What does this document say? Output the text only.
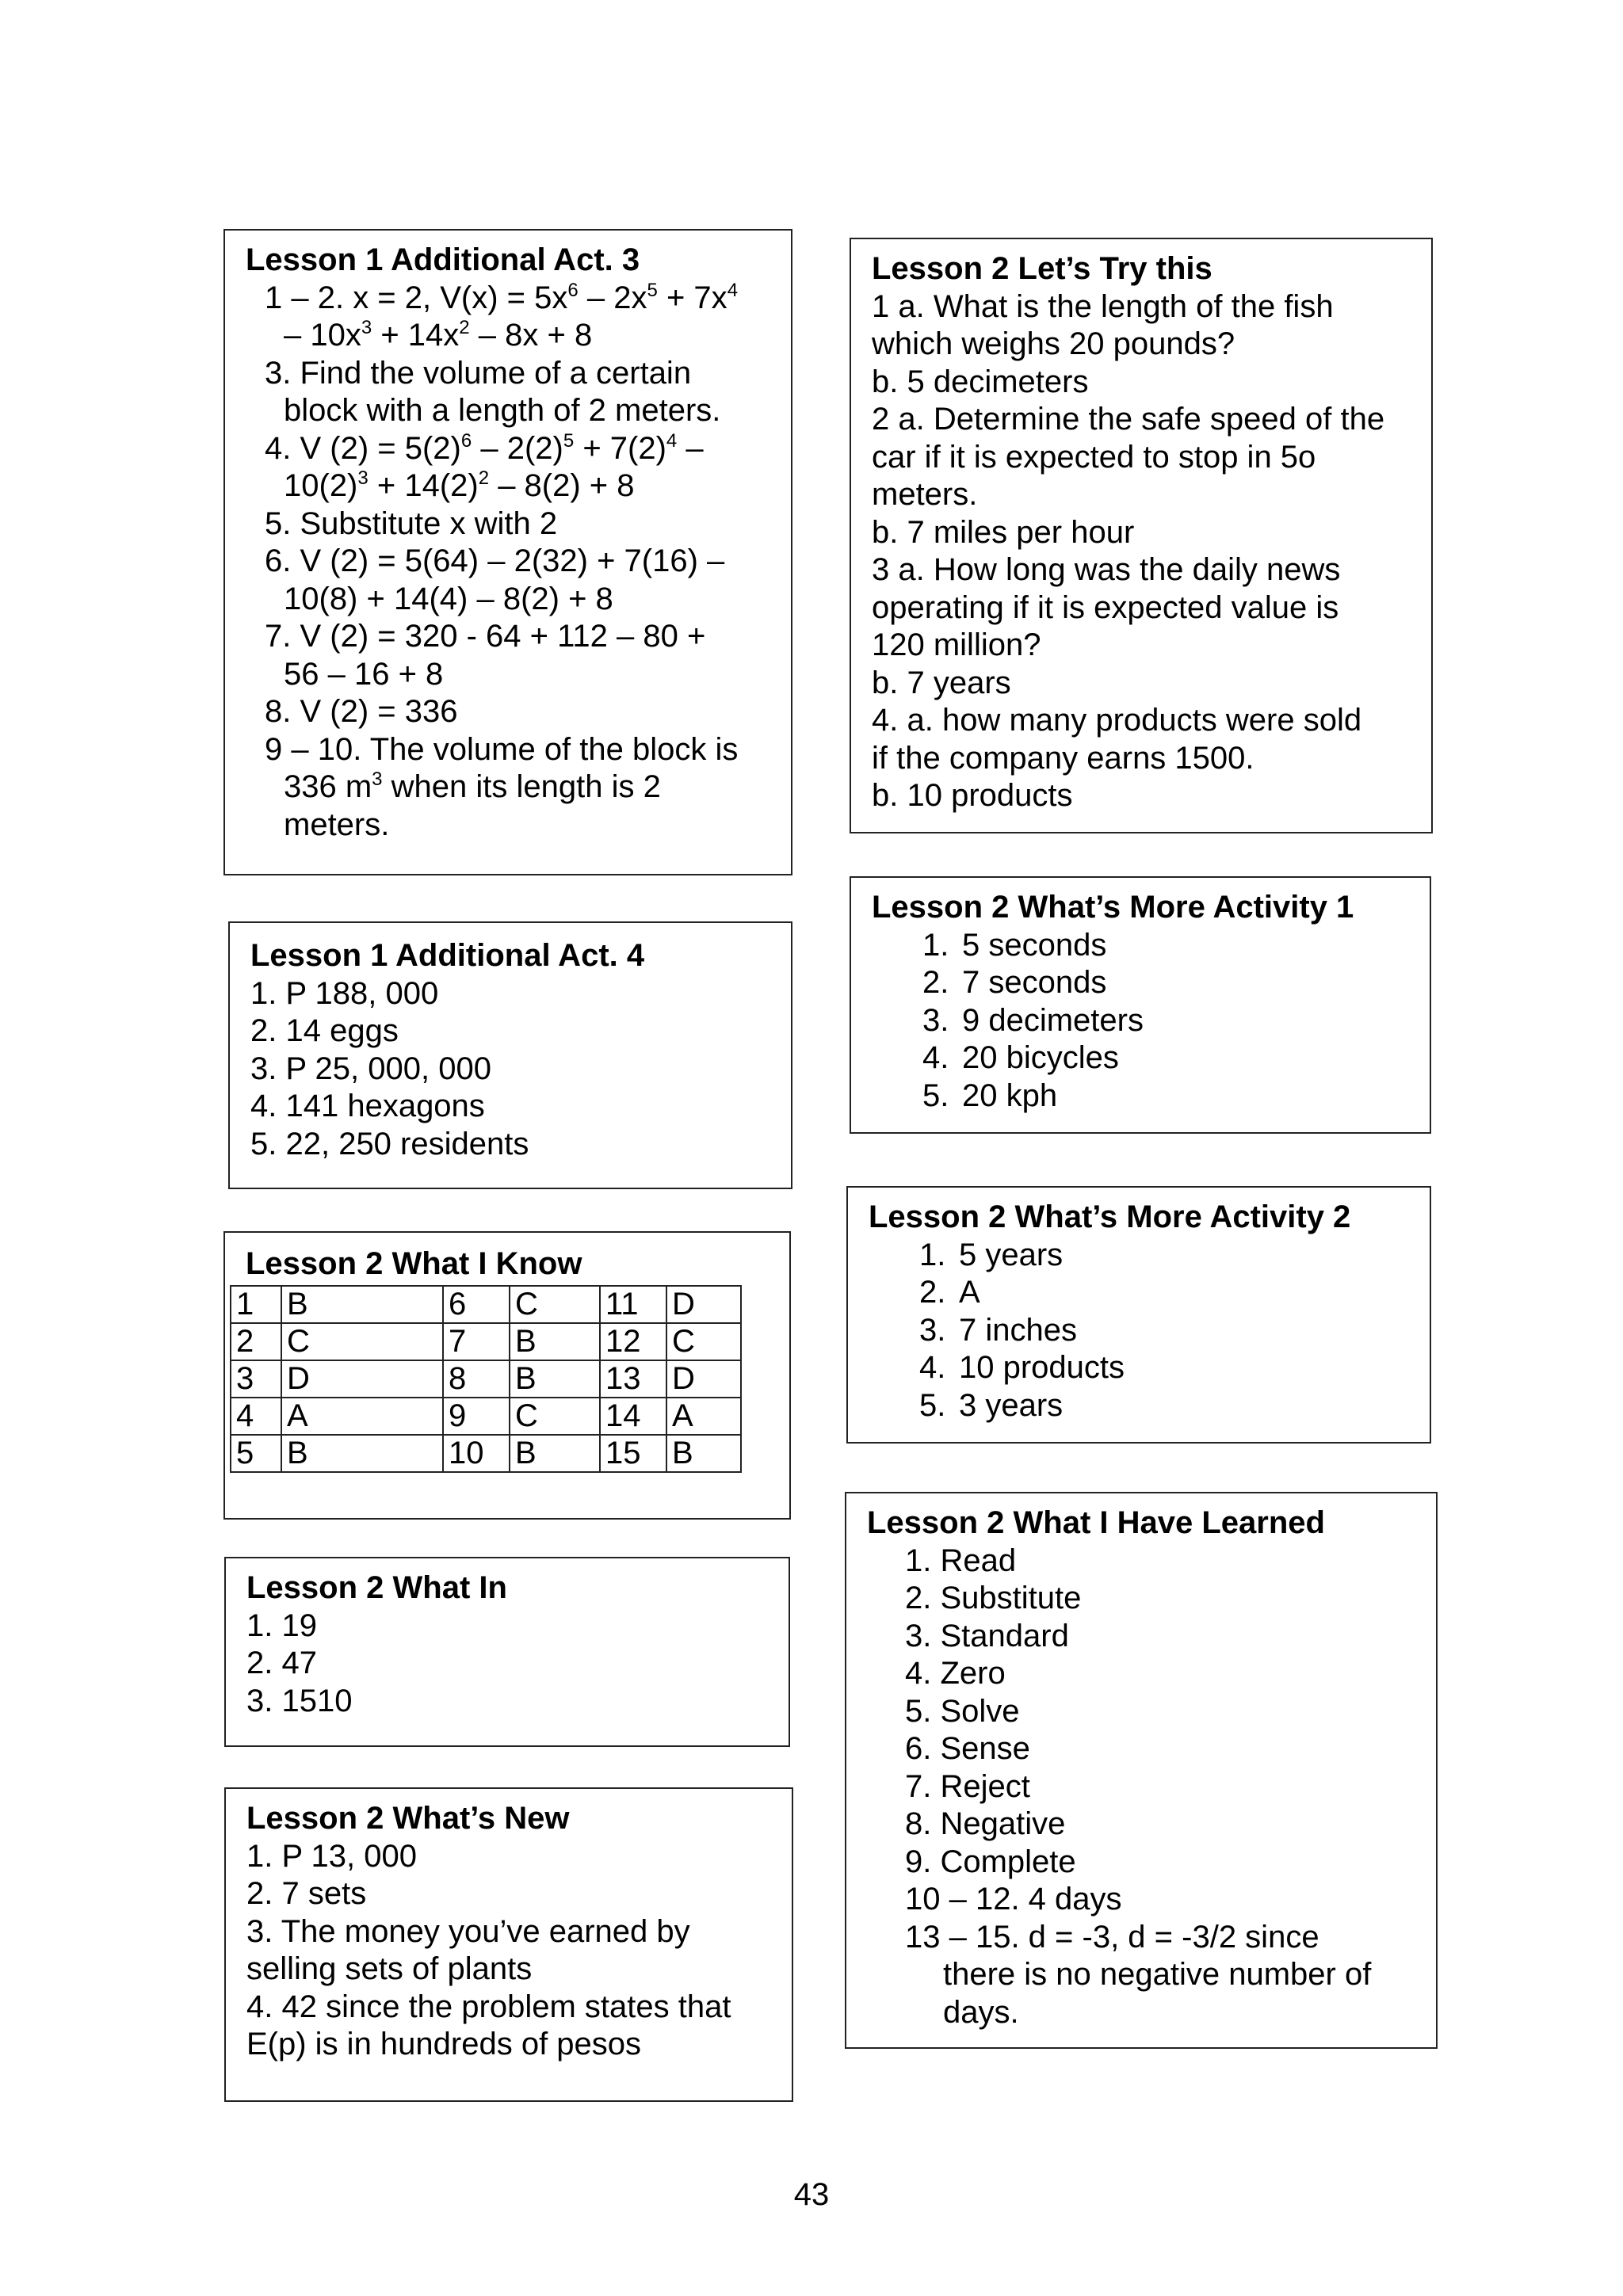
Lesson 1 Additional Act. 3
1 – 2. x = 2, $V(x) = 5x^6 - 2x^5 + 7x^4$
– $10x^3 + 14x^2 - 8x + 8$
3. Find the volume of a certain
block with a length of 2 meters.
4. V $(2) = 5(2)^6 - 2(2)^5 + 7(2)^4$ –
$10(2)^3 + 14(2)^2 - 8(2) + 8$
5. Substitute x with 2
6. V (2) = 5(64) – 2(32) + 7(16) –
10(8) + 14(4) – 8(2) + 8
7. V (2) = 320 - 64 + 112 – 80 +
56 – 16 + 8
8. V (2) = 336
9 – 10. The volume of the block is
336 $m^3$ when its length is 2
meters.
Lesson 1 Additional Act. 4
1. P 188, 000
2. 14 eggs
3. P 25, 000, 000
4. 141 hexagons
5. 22, 250 residents
Lesson 2 What I Know
1	B	6	C	11	D
2	C	7	B	12	C
3	D	8	B	13	D
4	A	9	C	14	A
5	B	10	B	15	B
Lesson 2 What In
1. 19
2. 47
3. 1510
Lesson 2 What’s New
1. P 13, 000
2. 7 sets
3. The money you’ve earned by
selling sets of plants
4. 42 since the problem states that
E(p) is in hundreds of pesos
Lesson 2 Let’s Try this
1 a. What is the length of the fish
which weighs 20 pounds?
b. 5 decimeters
2 a. Determine the safe speed of the
car if it is expected to stop in 5o
meters.
b. 7 miles per hour
3 a. How long was the daily news
operating if it is expected value is
120 million?
b. 7 years
4. a. how many products were sold
if the company earns 1500.
b. 10 products
Lesson 2 What’s More Activity 1
1. 5 seconds
2. 7 seconds
3. 9 decimeters
4. 20 bicycles
5. 20 kph
Lesson 2 What’s More Activity 2
1. 5 years
2. A
3. 7 inches
4. 10 products
5. 3 years
Lesson 2 What I Have Learned
1. Read
2. Substitute
3. Standard
4. Zero
5. Solve
6. Sense
7. Reject
8. Negative
9. Complete
10 – 12. 4 days
13 – 15. d = -3, d = -3/2 since
there is no negative number of
days.
43
